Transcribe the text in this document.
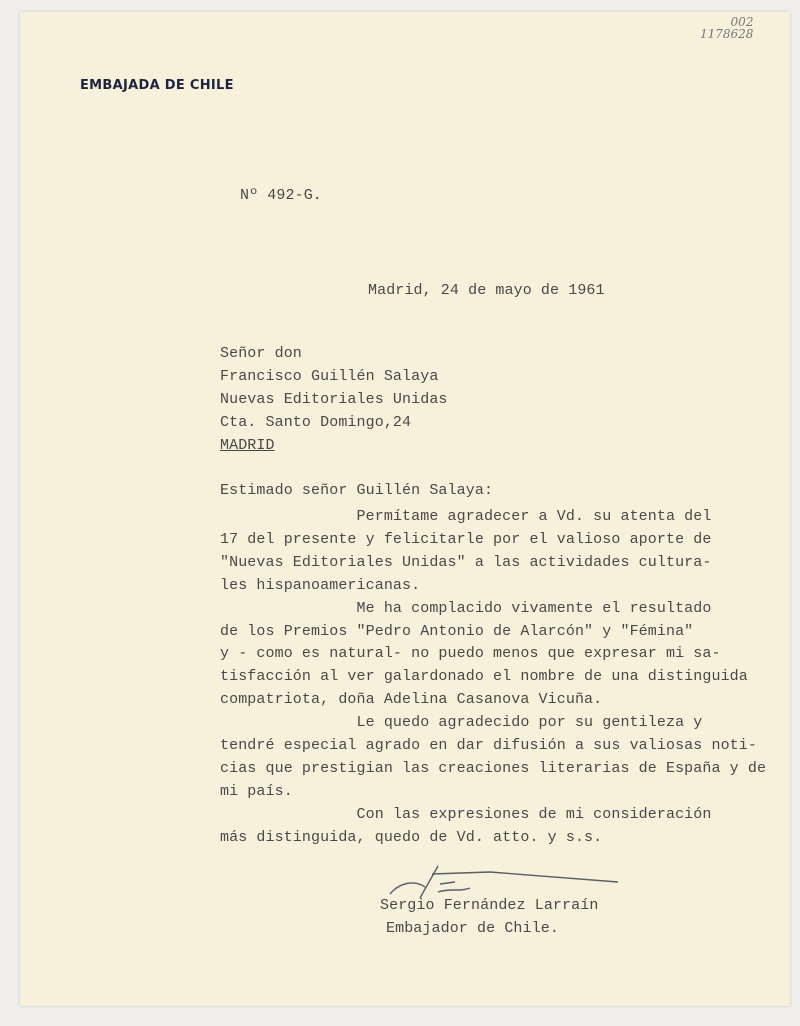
002
1178628
EMBAJADA DE CHILE
Nº 492-G.
Madrid, 24 de mayo de 1961
Señor don
Francisco Guillén Salaya
Nuevas Editoriales Unidas
Cta. Santo Domingo,24
MADRID
Estimado señor Guillén Salaya:
Permítame agradecer a Vd. su atenta del
17 del presente y felicitarle por el valioso aporte de
"Nuevas Editoriales Unidas" a las actividades cultura-
les hispanoamericanas.
Me ha complacido vivamente el resultado
de los Premios "Pedro Antonio de Alarcón" y "Fémina"
y - como es natural- no puedo menos que expresar mi sa-
tisfacción al ver galardonado el nombre de una distinguida
compatriota, doña Adelina Casanova Vicuña.
Le quedo agradecido por su gentileza y
tendré especial agrado en dar difusión a sus valiosas noti-
cias que prestigian las creaciones literarias de España y de
mi país.
Con las expresiones de mi consideración
más distinguida, quedo de Vd. atto. y s.s.
Sergio Fernández Larraín
Embajador de Chile.
